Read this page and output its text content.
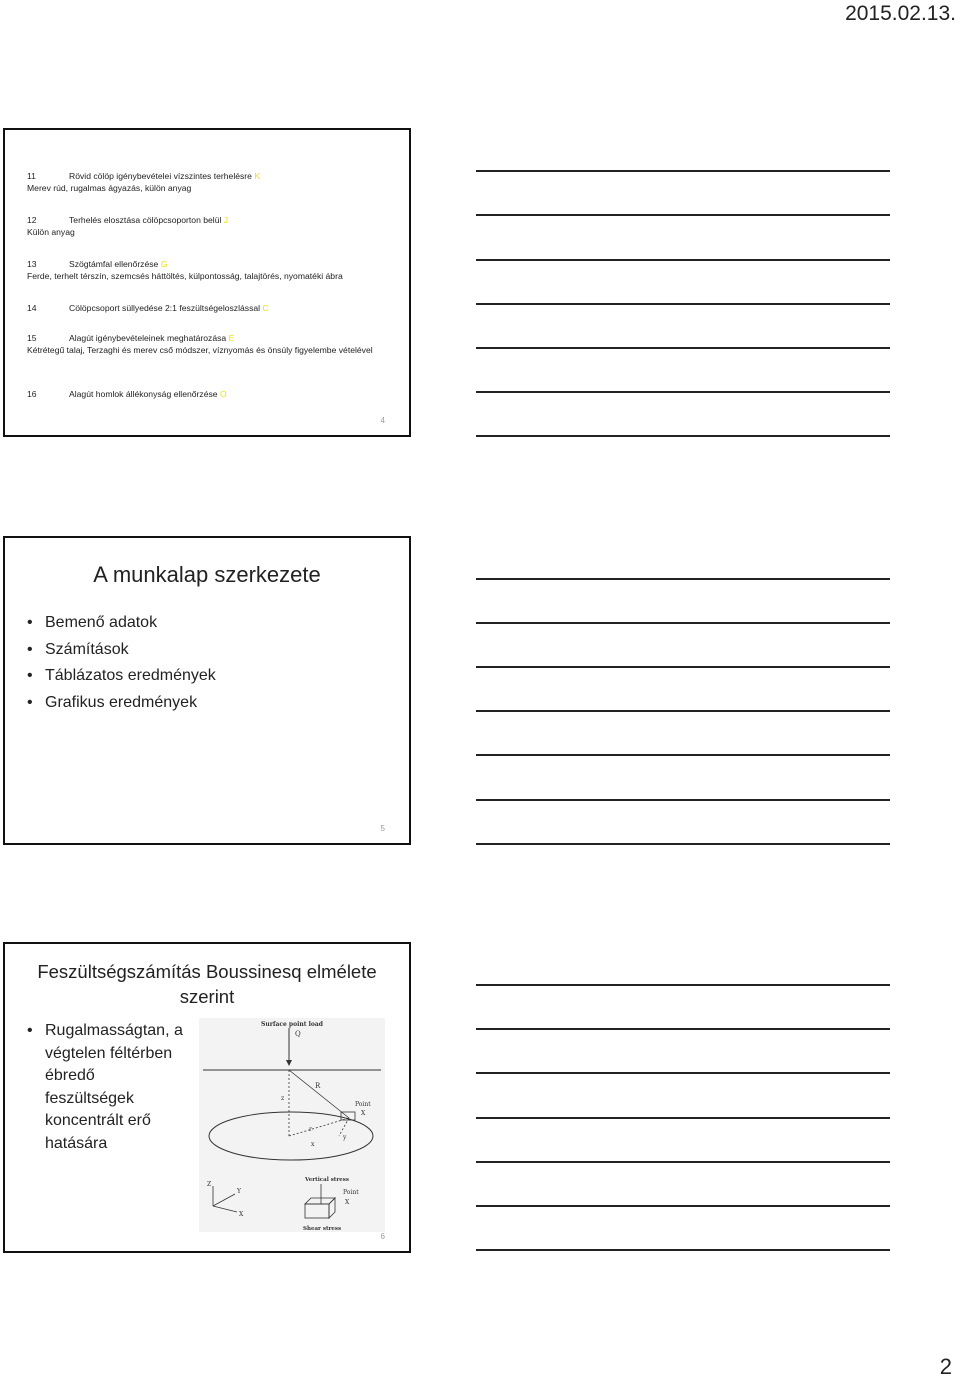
2015.02.13.
11	Rövid cölöp igénybevételei vízszintes terhelésre K
Merev rúd, rugalmas ágyazás, külön anyag
12	Terhelés elosztása cölöpcsoporton belül J
Külön anyag
13	Szögtámfal ellenőrzése G
Ferde, terhelt térszín, szemcsés háttöltés, külpontosság, talajtörés, nyomatéki ábra
14	Cölöpcsoport süllyedése 2:1 feszültségeloszlással C
15	Alagút igénybevételeinek meghatározása E
Kétrétegű talaj, Terzaghi és merev cső módszer, víznyomás és önsúly figyelembe vételével
16	Alagút homlok állékonyság ellenőrzése O
4
A munkalap szerkezete
• Bemenő adatok
• Számítások
• Táblázatos eredmények
• Grafikus eredmények
5
Feszültségszámítás Boussinesq elmélete
szerint
• Rugalmasságtan, a
végtelen féltérben
ébredő
feszültségek
koncentrált erő
hatására
Surface point load
Q
R
Point
X
z
r
y
x
Z
Y
X
Vertical stress
Point
X
Shear stress
6
2
